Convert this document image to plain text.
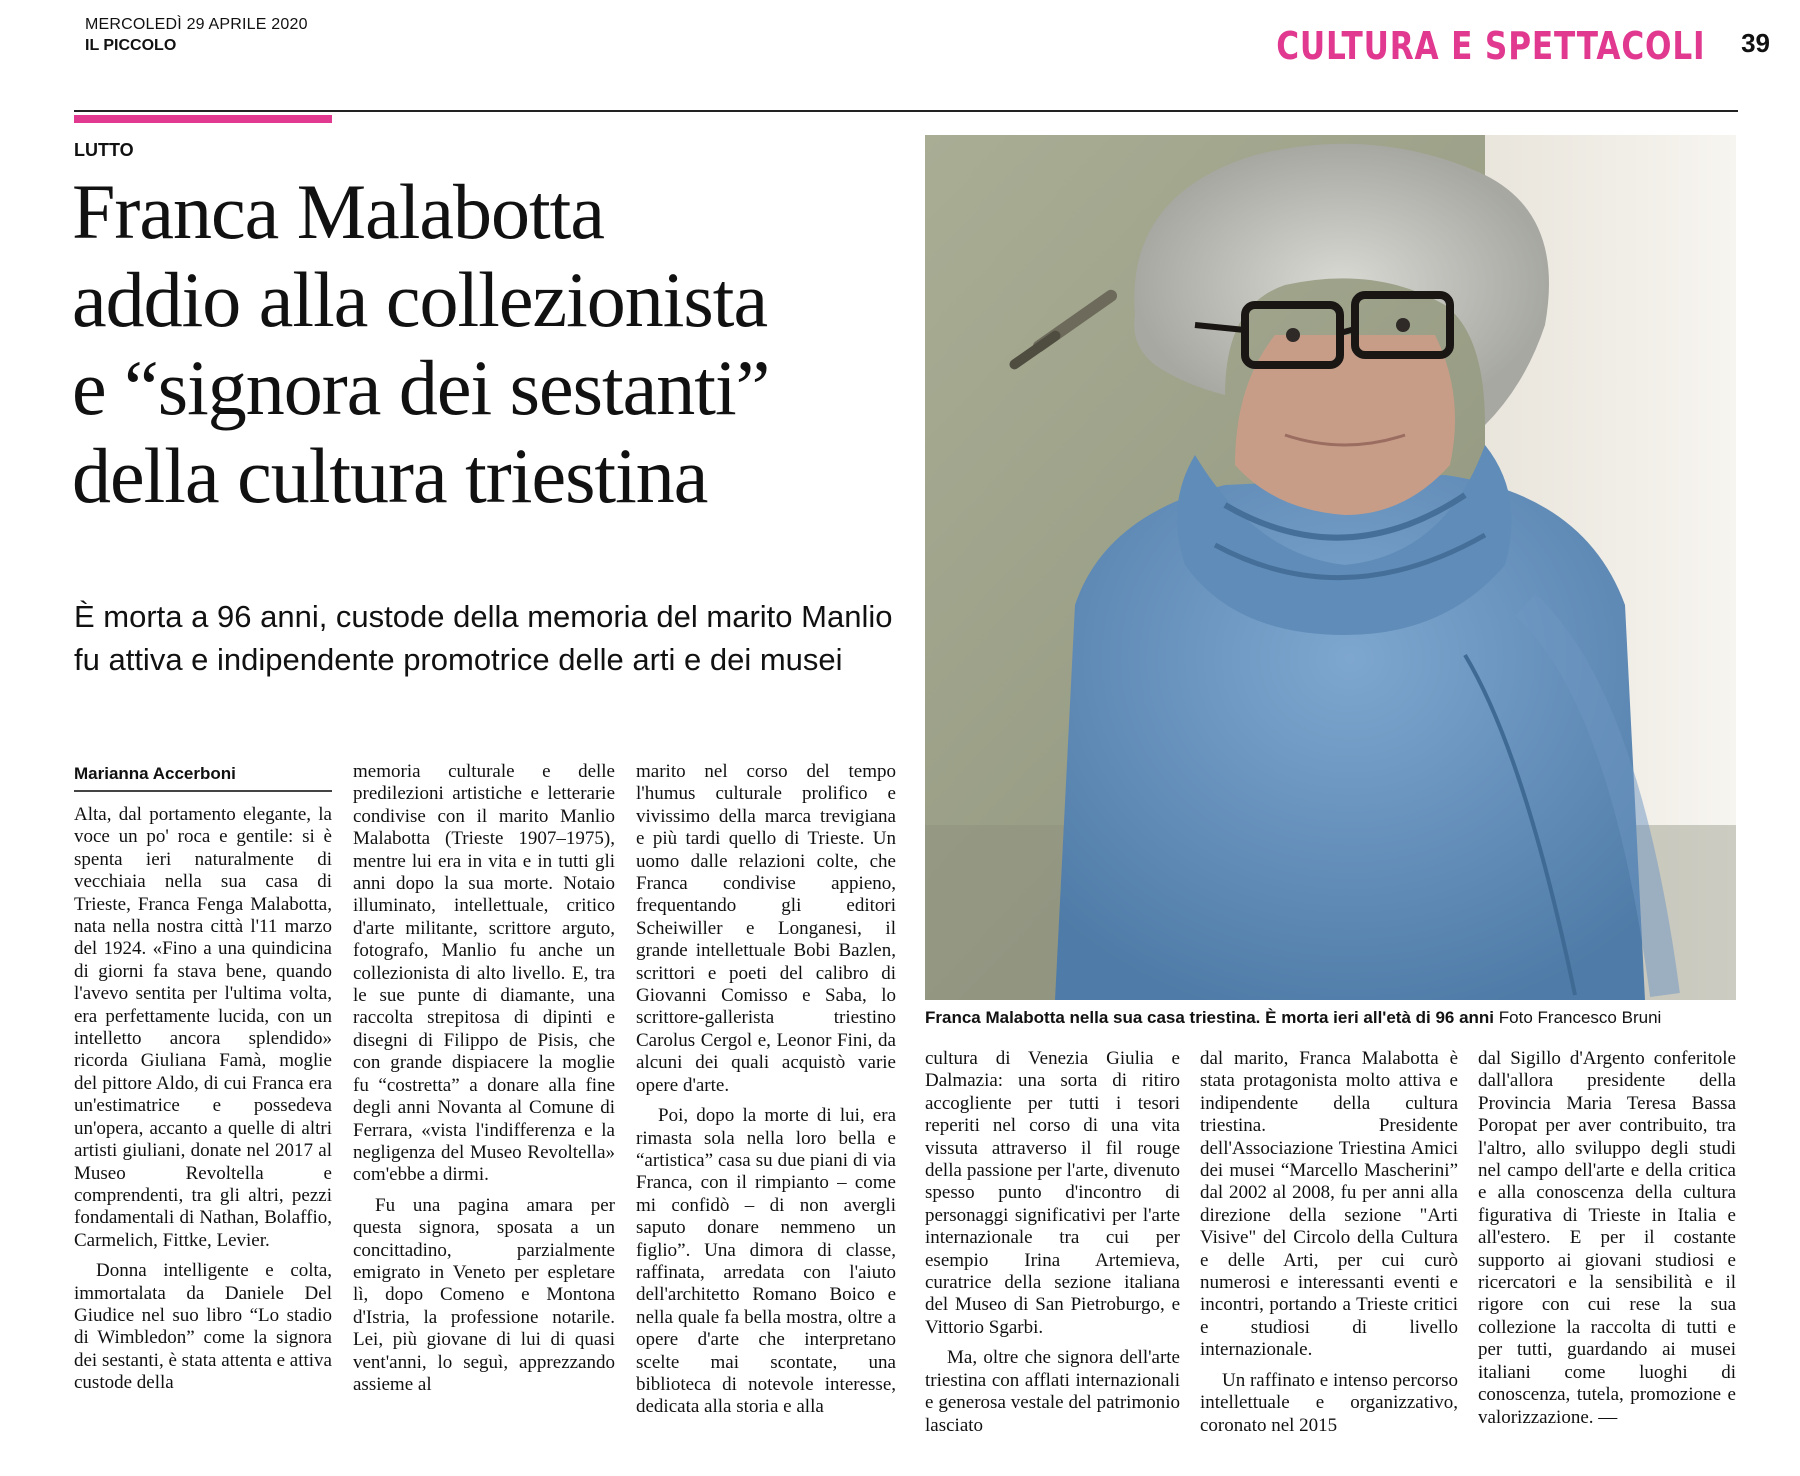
MERCOLEDÌ 29 APRILE 2020
IL PICCOLO	CULTURA E SPETTACOLI 39
LUTTO
Franca Malabotta
addio alla collezionista
e “signora dei sestanti”
della cultura triestina
È morta a 96 anni, custode della memoria del marito Manlio
fu attiva e indipendente promotrice delle arti e dei musei
Franca Malabotta nella sua casa triestina. È morta ieri all'età di 96 anni Foto Francesco Bruni
Marianna Accerboni

Alta, dal portamento elegante, la voce un po' roca e gentile: si è spenta ieri naturalmente di vecchiaia nella sua casa di Trieste, Franca Fenga Malabotta, nata nella nostra città l'11 marzo del 1924. «Fino a una quindicina di giorni fa stava bene, quando l'avevo sentita per l'ultima volta, era perfettamente lucida, con un intelletto ancora splendido» ricorda Giuliana Famà, moglie del pittore Aldo, di cui Franca era un'estimatrice e possedeva un'opera, accanto a quelle di altri artisti giuliani, donate nel 2017 al Museo Revoltella e comprendenti, tra gli altri, pezzi fondamentali di Nathan, Bolaffio, Carmelich, Fittke, Levier.

Donna intelligente e colta, immortalata da Daniele Del Giudice nel suo libro “Lo stadio di Wimbledon” come la signora dei sestanti, è stata attenta e attiva custode della

memoria culturale e delle predilezioni artistiche e letterarie condivise con il marito Manlio Malabotta (Trieste 1907–1975), mentre lui era in vita e in tutti gli anni dopo la sua morte. Notaio illuminato, intellettuale, critico d'arte militante, scrittore arguto, fotografo, Manlio fu anche un collezionista di alto livello. E, tra le sue punte di diamante, una raccolta strepitosa di dipinti e disegni di Filippo de Pisis, che con grande dispiacere la moglie fu “costretta” a donare alla fine degli anni Novanta al Comune di Ferrara, «vista l'indifferenza e la negligenza del Museo Revoltella» com'ebbe a dirmi.

Fu una pagina amara per questa signora, sposata a un concittadino, parzialmente emigrato in Veneto per espletare lì, dopo Comeno e Montona d'Istria, la professione notarile. Lei, più giovane di lui di quasi vent'anni, lo seguì, apprezzando assieme al

marito nel corso del tempo l'humus culturale prolifico e vivissimo della marca trevigiana e più tardi quello di Trieste. Un uomo dalle relazioni colte, che Franca condivise appieno, frequentando gli editori Scheiwiller e Longanesi, il grande intellettuale Bobi Bazlen, scrittori e poeti del calibro di Giovanni Comisso e Saba, lo scrittore-gallerista triestino Carolus Cergol e, Leonor Fini, da alcuni dei quali acquistò varie opere d'arte.

Poi, dopo la morte di lui, era rimasta sola nella loro bella e “artistica” casa su due piani di via Franca, con il rimpianto – come mi confidò – di non avergli saputo donare nemmeno un figlio”. Una dimora di classe, raffinata, arredata con l'aiuto dell'architetto Romano Boico e nella quale fa bella mostra, oltre a opere d'arte che interpretano scelte mai scontate, una biblioteca di notevole interesse, dedicata alla storia e alla

cultura di Venezia Giulia e Dalmazia: una sorta di ritiro accogliente per tutti i tesori reperiti nel corso di una vita vissuta attraverso il fil rouge della passione per l'arte, divenuto spesso punto d'incontro di personaggi significativi per l'arte internazionale tra cui per esempio Irina Artemieva, curatrice della sezione italiana del Museo di San Pietroburgo, e Vittorio Sgarbi.

Ma, oltre che signora dell'arte triestina con afflati internazionali e generosa vestale del patrimonio lasciato

dal marito, Franca Malabotta è stata protagonista molto attiva e indipendente della cultura triestina. Presidente dell'Associazione Triestina Amici dei musei “Marcello Mascherini” dal 2002 al 2008, fu per anni alla direzione della sezione "Arti Visive" del Circolo della Cultura e delle Arti, per cui curò numerosi e interessanti eventi e incontri, portando a Trieste critici e studiosi di livello internazionale.

Un raffinato e intenso percorso intellettuale e organizzativo, coronato nel 2015

dal Sigillo d'Argento conferitole dall'allora presidente della Provincia Maria Teresa Bassa Poropat per aver contribuito, tra l'altro, allo sviluppo degli studi nel campo dell'arte e della critica e alla conoscenza della cultura figurativa di Trieste in Italia e all'estero. E per il costante supporto ai giovani studiosi e ricercatori e la sensibilità e il rigore con cui rese la sua collezione la raccolta di tutti e per tutti, guardando ai musei italiani come luoghi di conoscenza, tutela, promozione e valorizzazione. —
